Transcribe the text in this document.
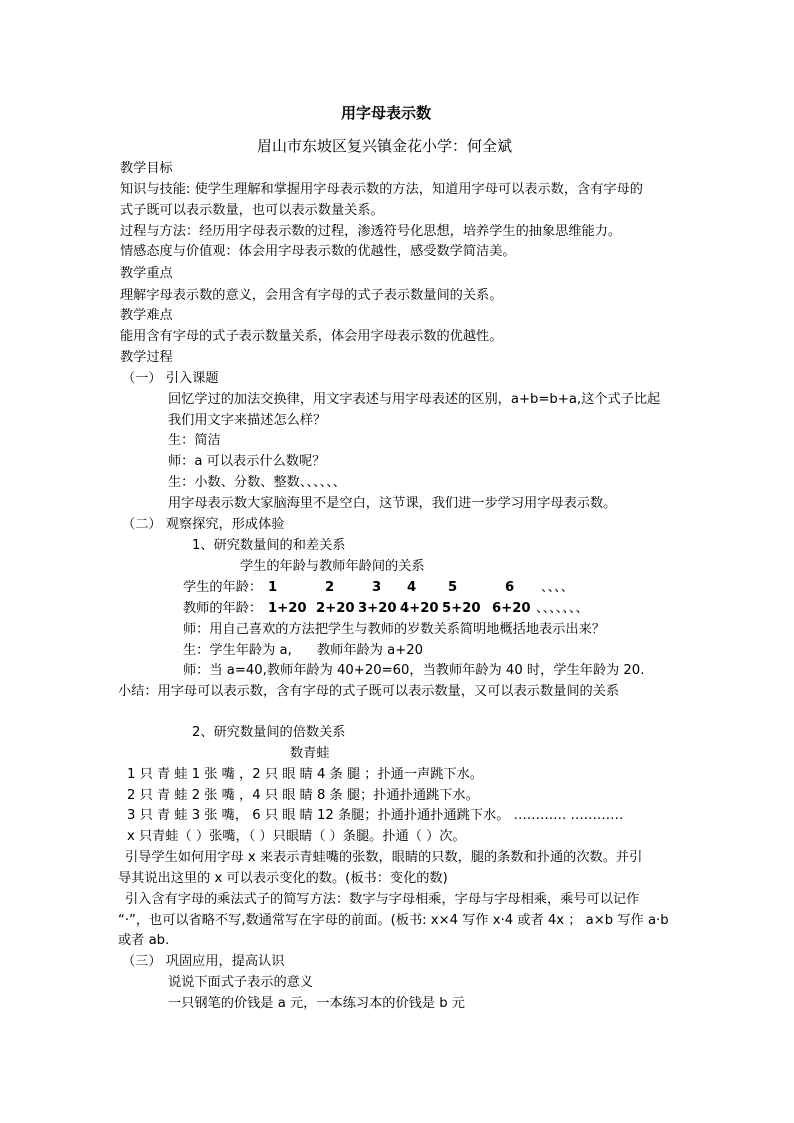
用字母表示数
眉山市东坡区复兴镇金花小学：何全斌
教学目标
知识与技能: 使学生理解和掌握用字母表示数的方法，知道用字母可以表示数，含有字母的
式子既可以表示数量，也可以表示数量关系。
过程与方法：经历用字母表示数的过程，渗透符号化思想，培养学生的抽象思维能力。
情感态度与价值观：体会用字母表示数的优越性，感受数学简洁美。
教学重点
理解字母表示数的意义，会用含有字母的式子表示数量间的关系。
教学难点
能用含有字母的式子表示数量关系，体会用字母表示数的优越性。
教学过程
（一） 引入课题
回忆学过的加法交换律，用文字表述与用字母表述的区别，a+b=b+a,这个式子比起
我们用文字来描述怎么样？
生：简洁
师：a 可以表示什么数呢？
生：小数、分数、整数、、、、、、
用字母表示数大家脑海里不是空白，这节课，我们进一步学习用字母表示数。
（二） 观察探究，形成体验
1、研究数量间的和差关系
学生的年龄与教师年龄间的关系
学生的年龄： 1	2	3 4 5	6 、、、、
教师的年龄： 1+20 2+20 3+20 4+20 5+20 6+20 、、、、、、、
师：用自己喜欢的方法把学生与教师的岁数关系简明地概括地表示出来？
生：学生年龄为 a, 教师年龄为 a+20
师：当 a=40,教师年龄为 40+20=60，当教师年龄为 40 时，学生年龄为 20.
小结：用字母可以表示数，含有字母的式子既可以表示数量，又可以表示数量间的关系
2、研究数量间的倍数关系
数青蛙
1 只 青 蛙 1 张 嘴 ，2 只 眼 睛 4 条 腿 ；扑通一声跳下水。
2 只 青 蛙 2 张 嘴 ，4 只 眼 睛 8 条 腿；扑通扑通跳下水。
3 只 青 蛙 3 张 嘴， 6 只 眼 睛 12 条腿；扑通扑通扑通跳下水。 ………… …………
x 只青蛙（ ）张嘴，（ ）只眼睛（ ）条腿。扑通（ ）次。
引导学生如何用字母 x 来表示青蛙嘴的张数，眼睛的只数，腿的条数和扑通的次数。并引
导其说出这里的 x 可以表示变化的数。(板书：变化的数)
引入含有字母的乘法式子的简写方法：数字与字母相乘，字母与字母相乘，乘号可以记作
“·”，也可以省略不写,数通常写在字母的前面。(板书: x×4 写作 x·4 或者 4x ； a×b 写作 a·b
或者 ab.
（三） 巩固应用，提高认识
说说下面式子表示的意义
一只钢笔的价钱是 a 元，一本练习本的价钱是 b 元
